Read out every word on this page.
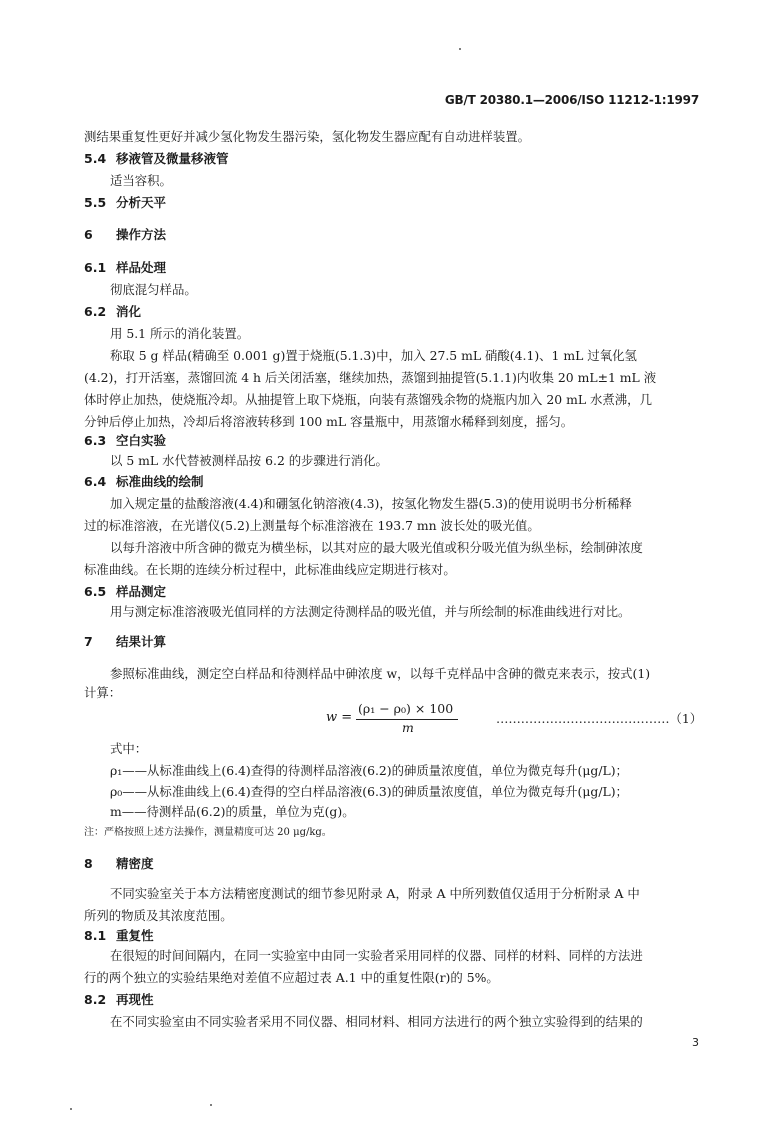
GB/T 20380.1—2006/ISO 11212-1:1997
测结果重复性更好并减少氢化物发生器污染，氢化物发生器应配有自动进样装置。
5.4 移液管及微量移液管
适当容积。
5.5 分析天平
6 操作方法
6.1 样品处理
彻底混匀样品。
6.2 消化
用 5.1 所示的消化装置。
称取 5 g 样品(精确至 0.001 g)置于烧瓶(5.1.3)中，加入 27.5 mL 硝酸(4.1)、1 mL 过氧化氢
(4.2)，打开活塞，蒸馏回流 4 h 后关闭活塞，继续加热，蒸馏到抽提管(5.1.1)内收集 20 mL±1 mL 液
体时停止加热，使烧瓶冷却。从抽提管上取下烧瓶，向装有蒸馏残余物的烧瓶内加入 20 mL 水煮沸，几
分钟后停止加热，冷却后将溶液转移到 100 mL 容量瓶中，用蒸馏水稀释到刻度，摇匀。
6.3 空白实验
以 5 mL 水代替被测样品按 6.2 的步骤进行消化。
6.4 标准曲线的绘制
加入规定量的盐酸溶液(4.4)和硼氢化钠溶液(4.3)，按氢化物发生器(5.3)的使用说明书分析稀释
过的标准溶液，在光谱仪(5.2)上测量每个标准溶液在 193.7 mn 波长处的吸光值。
以每升溶液中所含砷的微克为横坐标，以其对应的最大吸光值或积分吸光值为纵坐标，绘制砷浓度
标准曲线。在长期的连续分析过程中，此标准曲线应定期进行核对。
6.5 样品测定
用与测定标准溶液吸光值同样的方法测定待测样品的吸光值，并与所绘制的标准曲线进行对比。
7 结果计算
参照标准曲线，测定空白样品和待测样品中砷浓度 w，以每千克样品中含砷的微克来表示，按式(1)
计算：
w =
(ρ₁ − ρ₀) × 100
m
……………………………………（1）
式中：
ρ₁——从标准曲线上(6.4)查得的待测样品溶液(6.2)的砷质量浓度值，单位为微克每升(μg/L)；
ρ₀——从标准曲线上(6.4)查得的空白样品溶液(6.3)的砷质量浓度值，单位为微克每升(μg/L)；
m——待测样品(6.2)的质量，单位为克(g)。
注：严格按照上述方法操作，测量精度可达 20 μg/kg。
8 精密度
不同实验室关于本方法精密度测试的细节参见附录 A，附录 A 中所列数值仅适用于分析附录 A 中
所列的物质及其浓度范围。
8.1 重复性
在很短的时间间隔内，在同一实验室中由同一实验者采用同样的仪器、同样的材料、同样的方法进
行的两个独立的实验结果绝对差值不应超过表 A.1 中的重复性限(r)的 5%。
8.2 再现性
在不同实验室由不同实验者采用不同仪器、相同材料、相同方法进行的两个独立实验得到的结果的
3
